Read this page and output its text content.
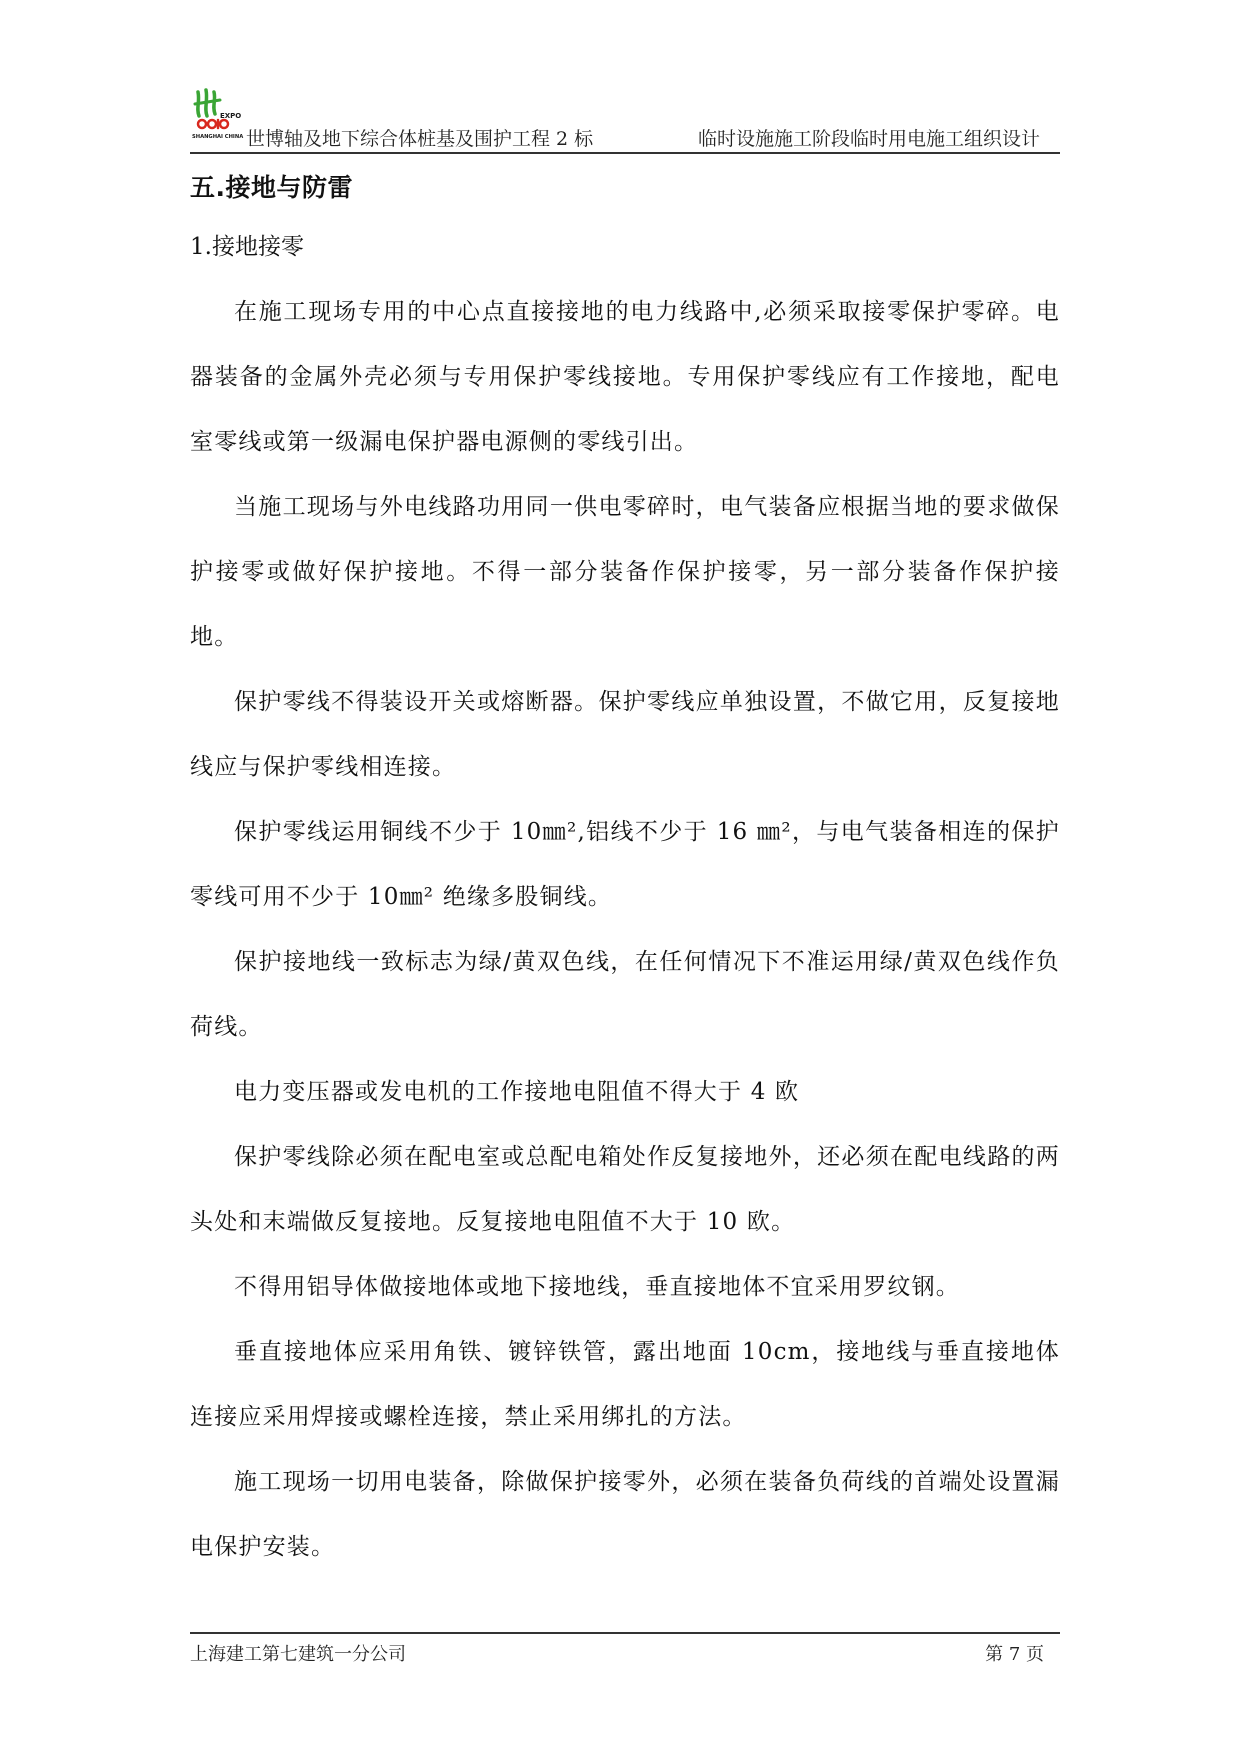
EXPO
SHANGHAI CHINA 世博轴及地下综合体桩基及围护工程 2 标	临时设施施工阶段临时用电施工组织设计
五.接地与防雷

1.接地接零

在施工现场专用的中心点直接接地的电力线路中,必须采取接零保护零碎。电器装备的金属外壳必须与专用保护零线接地。专用保护零线应有工作接地，配电室零线或第一级漏电保护器电源侧的零线引出。

当施工现场与外电线路功用同一供电零碎时，电气装备应根据当地的要求做保护接零或做好保护接地。不得一部分装备作保护接零，另一部分装备作保护接地。

保护零线不得装设开关或熔断器。保护零线应单独设置，不做它用，反复接地线应与保护零线相连接。

保护零线运用铜线不少于 10㎜²,铝线不少于 16 ㎜²，与电气装备相连的保护零线可用不少于 10㎜² 绝缘多股铜线。

保护接地线一致标志为绿/黄双色线，在任何情况下不准运用绿/黄双色线作负荷线。

电力变压器或发电机的工作接地电阻值不得大于 4 欧

保护零线除必须在配电室或总配电箱处作反复接地外，还必须在配电线路的两头处和末端做反复接地。反复接地电阻值不大于 10 欧。

不得用铝导体做接地体或地下接地线，垂直接地体不宜采用罗纹钢。

垂直接地体应采用角铁、镀锌铁管，露出地面 10cm，接地线与垂直接地体连接应采用焊接或螺栓连接，禁止采用绑扎的方法。

施工现场一切用电装备，除做保护接零外，必须在装备负荷线的首端处设置漏电保护安装。

上海建工第七建筑一分公司	第 7 页
